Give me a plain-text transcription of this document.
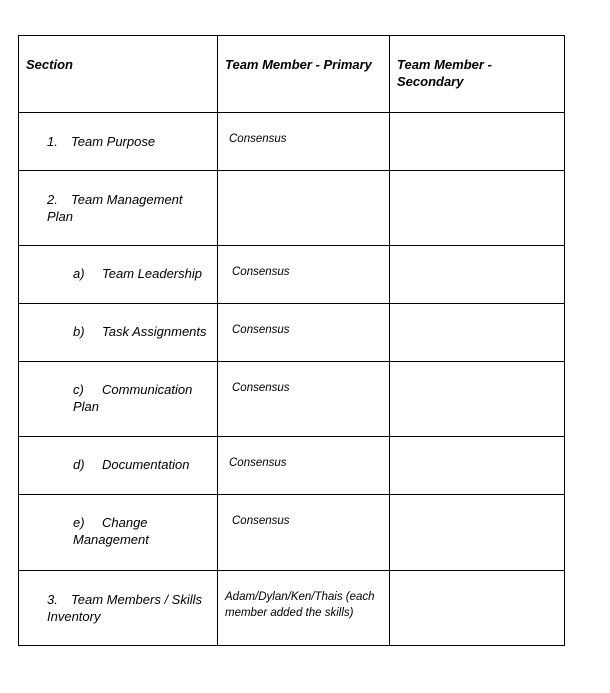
Section	Team Member - Primary	Team Member - Secondary

1. Team Purpose	Consensus	

2. Team Management Plan		

a) Team Leadership	Consensus	

b) Task Assignments	Consensus	

c) Communication Plan	Consensus	

d) Documentation	Consensus	

e) Change Management	Consensus	

3. Team Members / Skills Inventory	Adam/Dylan/Ken/Thais (each member added the skills)	
